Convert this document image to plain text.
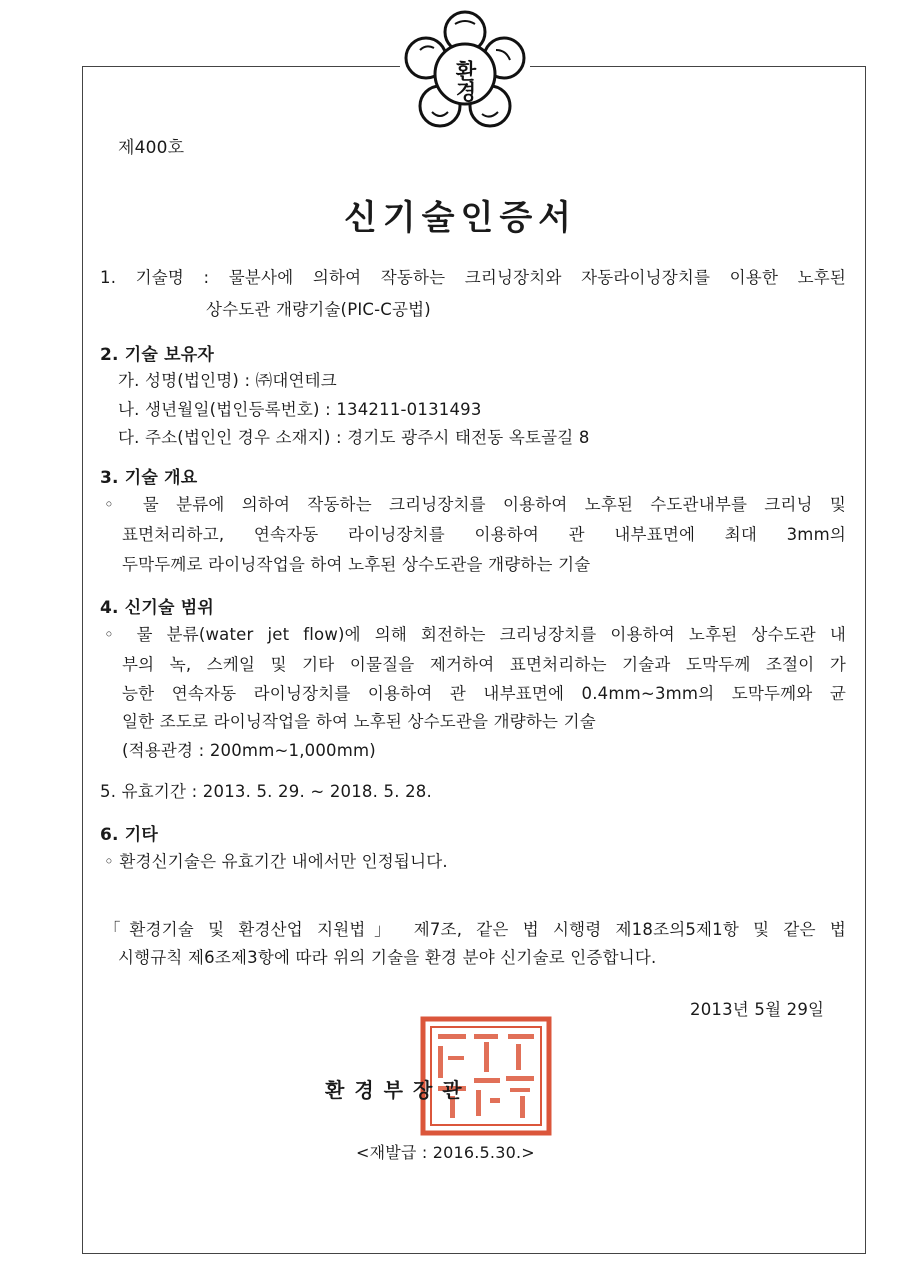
환경
제400호
신기술인증서
1. 기술명 : 물분사에 의하여 작동하는 크리닝장치와 자동라이닝장치를 이용한 노후된
상수도관 개량기술(PIC-C공법)
2. 기술 보유자
가. 성명(법인명) : ㈜대연테크
나. 생년월일(법인등록번호) : 134211-0131493
다. 주소(법인인 경우 소재지) : 경기도 광주시 태전동 옥토골길 8
3. 기술 개요
◦ 물 분류에 의하여 작동하는 크리닝장치를 이용하여 노후된 수도관내부를 크리닝 및
표면처리하고, 연속자동 라이닝장치를 이용하여 관 내부표면에 최대 3mm의
두막두께로 라이닝작업을 하여 노후된 상수도관을 개량하는 기술
4. 신기술 범위
◦ 물 분류(water jet flow)에 의해 회전하는 크리닝장치를 이용하여 노후된 상수도관 내
부의 녹, 스케일 및 기타 이물질을 제거하여 표면처리하는 기술과 도막두께 조절이 가
능한 연속자동 라이닝장치를 이용하여 관 내부표면에 0.4mm~3mm의 도막두께와 균
일한 조도로 라이닝작업을 하여 노후된 상수도관을 개량하는 기술
(적용관경 : 200mm~1,000mm)
5. 유효기간 : 2013. 5. 29. ~ 2018. 5. 28.
6. 기타
◦ 환경신기술은 유효기간 내에서만 인정됩니다.
「환경기술 및 환경산업 지원법」 제7조, 같은 법 시행령 제18조의5제1항 및 같은 법
시행규칙 제6조제3항에 따라 위의 기술을 환경 분야 신기술로 인증합니다.
2013년 5월 29일
환경부장관
<재발급 : 2016.5.30.>
